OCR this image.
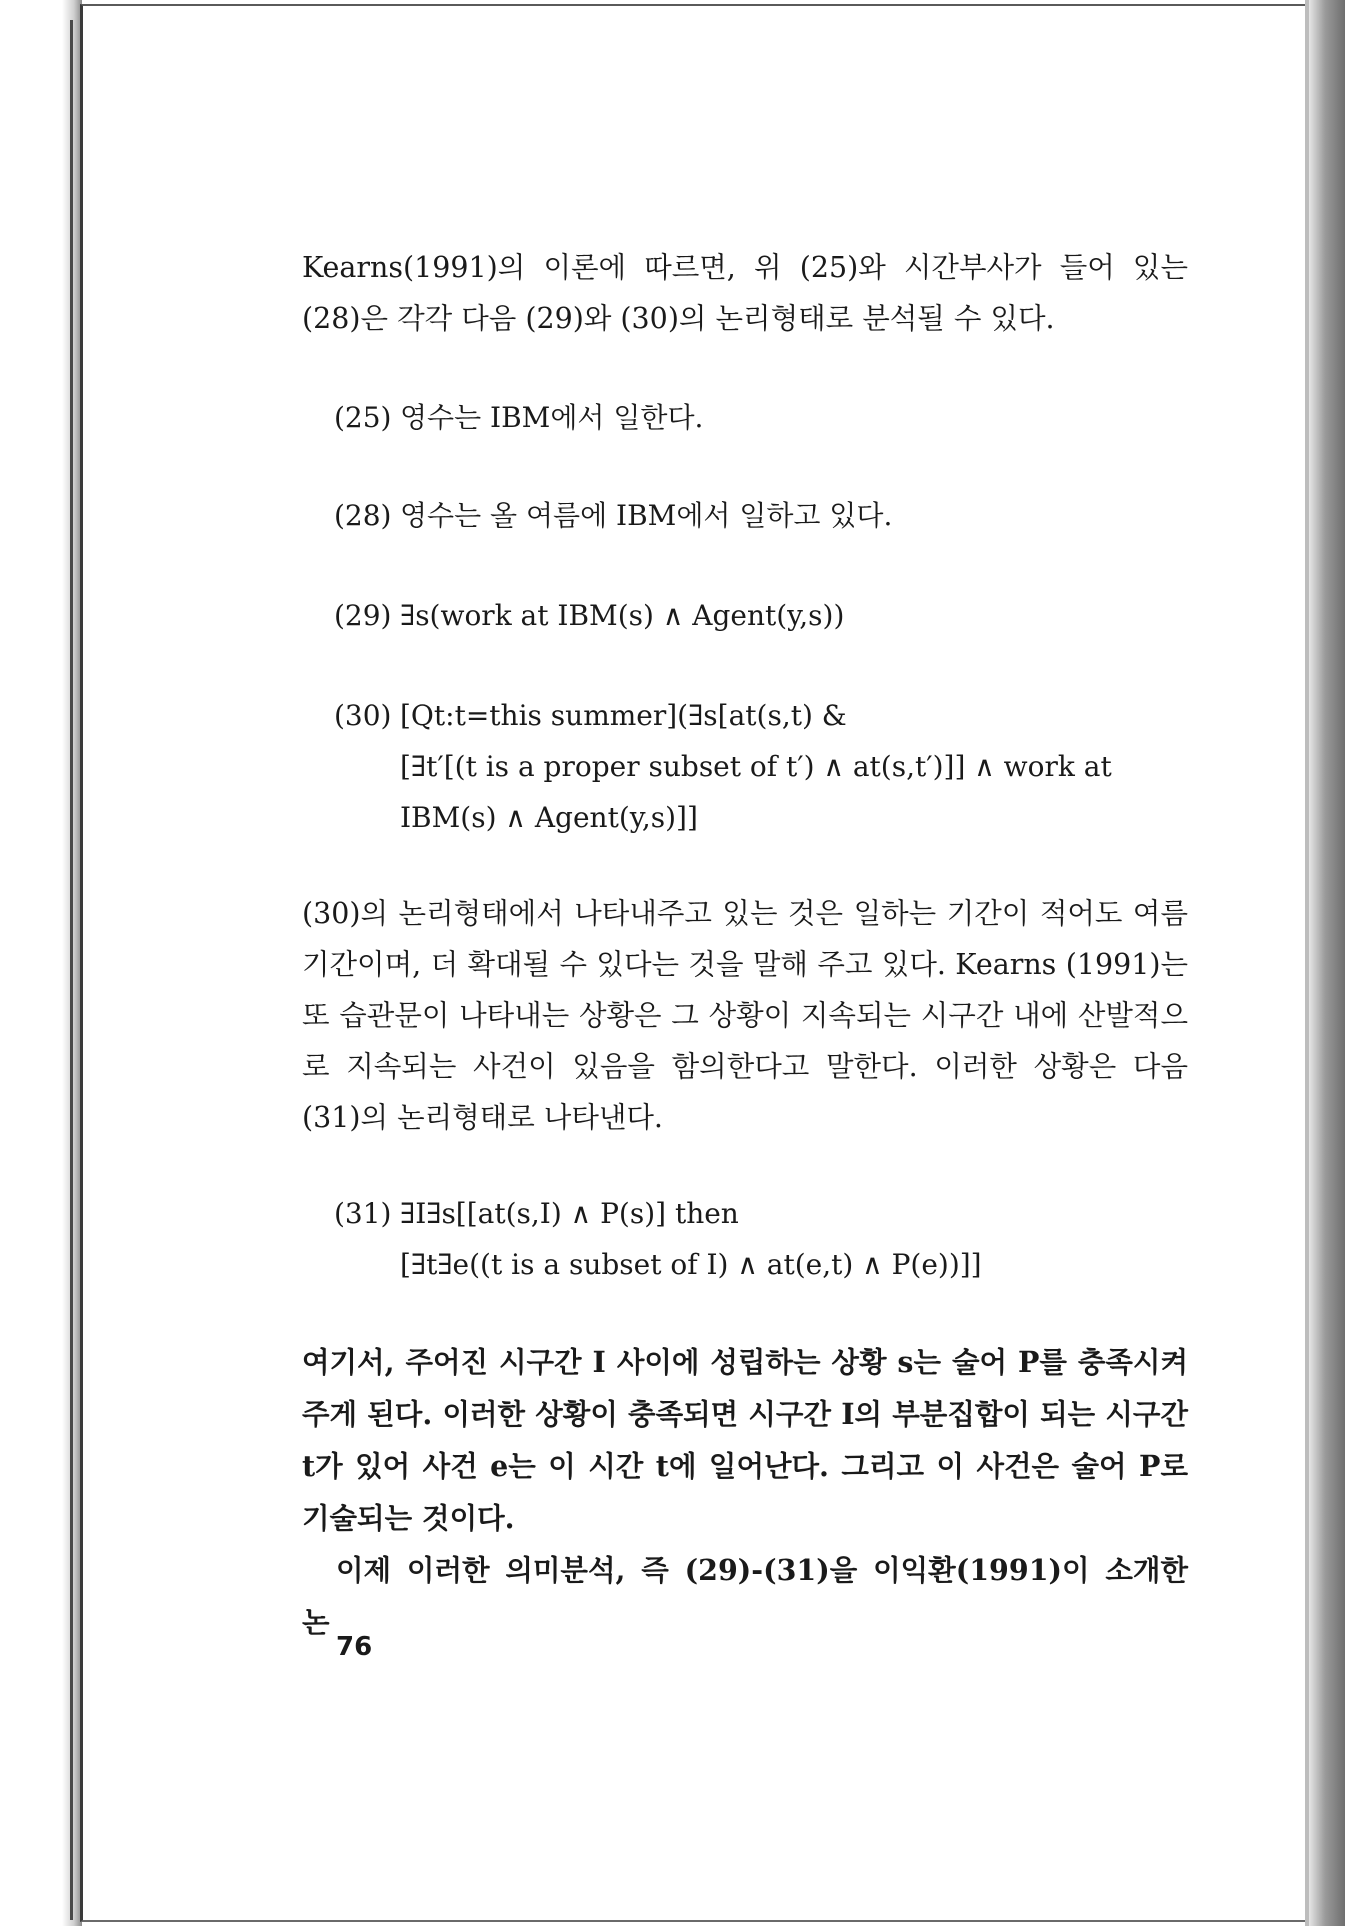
Kearns(1991)의 이론에 따르면, 위 (25)와 시간부사가 들어 있는 (28)은 각각 다음 (29)와 (30)의 논리형태로 분석될 수 있다.
(25) 영수는 IBM에서 일한다.
(28) 영수는 올 여름에 IBM에서 일하고 있다.
(29) ∃s(work at IBM(s) ∧ Agent(y,s))
(30) [Qt:t=this summer](∃s[at(s,t) &
[∃t′[(t is a proper subset of t′) ∧ at(s,t′)]] ∧ work at
IBM(s) ∧ Agent(y,s)]]
(30)의 논리형태에서 나타내주고 있는 것은 일하는 기간이 적어도 여름기간이며, 더 확대될 수 있다는 것을 말해 주고 있다. Kearns (1991)는 또 습관문이 나타내는 상황은 그 상황이 지속되는 시구간 내에 산발적으로 지속되는 사건이 있음을 함의한다고 말한다. 이러한 상황은 다음 (31)의 논리형태로 나타낸다.
(31) ∃I∃s[[at(s,I) ∧ P(s)] then
[∃t∃e((t is a subset of I) ∧ at(e,t) ∧ P(e))]]
여기서, 주어진 시구간 I 사이에 성립하는 상황 s는 술어 P를 충족시켜 주게 된다. 이러한 상황이 충족되면 시구간 I의 부분집합이 되는 시구간 t가 있어 사건 e는 이 시간 t에 일어난다. 그리고 이 사건은 술어 P로 기술되는 것이다.
이제 이러한 의미분석, 즉 (29)-(31)을 이익환(1991)이 소개한 논
76
